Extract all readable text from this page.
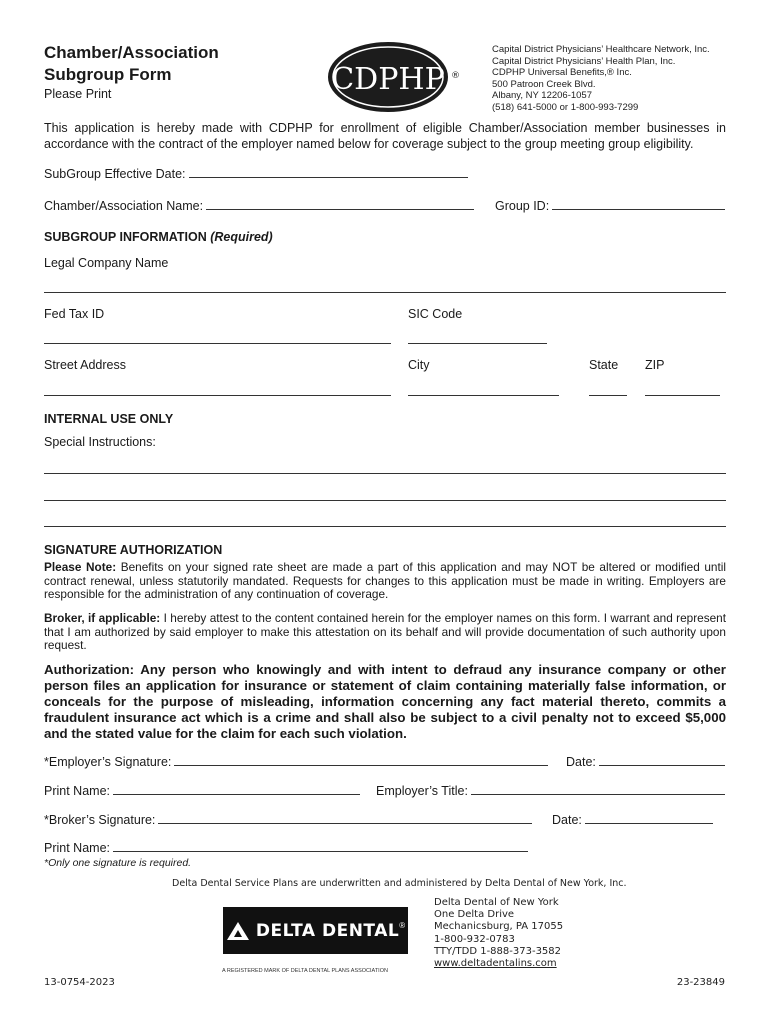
Chamber/Association
Subgroup Form
Please Print	CDPHP ®
Capital District Physicians’ Healthcare Network, Inc.
Capital District Physicians’ Health Plan, Inc.
CDPHP Universal Benefits,® Inc.
500 Patroon Creek Blvd.
Albany, NY 12206-1057
(518) 641-5000 or 1-800-993-7299
This application is hereby made with CDPHP for enrollment of eligible Chamber/Association member businesses in accordance with the contract of the employer named below for coverage subject to the group meeting group eligibility.
SubGroup Effective Date:
Chamber/Association Name:	Group ID:
SUBGROUP INFORMATION (Required)
Legal Company Name
Fed Tax ID	SIC Code
Street Address	City	State ZIP
INTERNAL USE ONLY
Special Instructions:
SIGNATURE AUTHORIZATION
Please Note: Benefits on your signed rate sheet are made a part of this application and may NOT be altered or modified until contract renewal, unless statutorily mandated. Requests for changes to this application must be made in writing. Employers are responsible for the administration of any continuation of coverage.
Broker, if applicable: I hereby attest to the content contained herein for the employer names on this form. I warrant and represent that I am authorized by said employer to make this attestation on its behalf and will provide documentation of such authority upon request.
Authorization: Any person who knowingly and with intent to defraud any insurance company or other person files an application for insurance or statement of claim containing materially false information, or conceals for the purpose of misleading, information concerning any fact material thereto, commits a fraudulent insurance act which is a crime and shall also be subject to a civil penalty not to exceed $5,000 and the stated value for the claim for each such violation.
*Employer’s Signature:	Date:
Print Name:	Employer’s Title:
*Broker’s Signature:	Date:
Print Name:
*Only one signature is required.
Delta Dental Service Plans are underwritten and administered by Delta Dental of New York, Inc.
DELTA DENTAL ®
A REGISTERED MARK OF DELTA DENTAL PLANS ASSOCIATION
Delta Dental of New York
One Delta Drive
Mechanicsburg, PA 17055
1-800-932-0783
TTY/TDD 1-888-373-3582
www.deltadentalins.com
13-0754-2023	23-23849
